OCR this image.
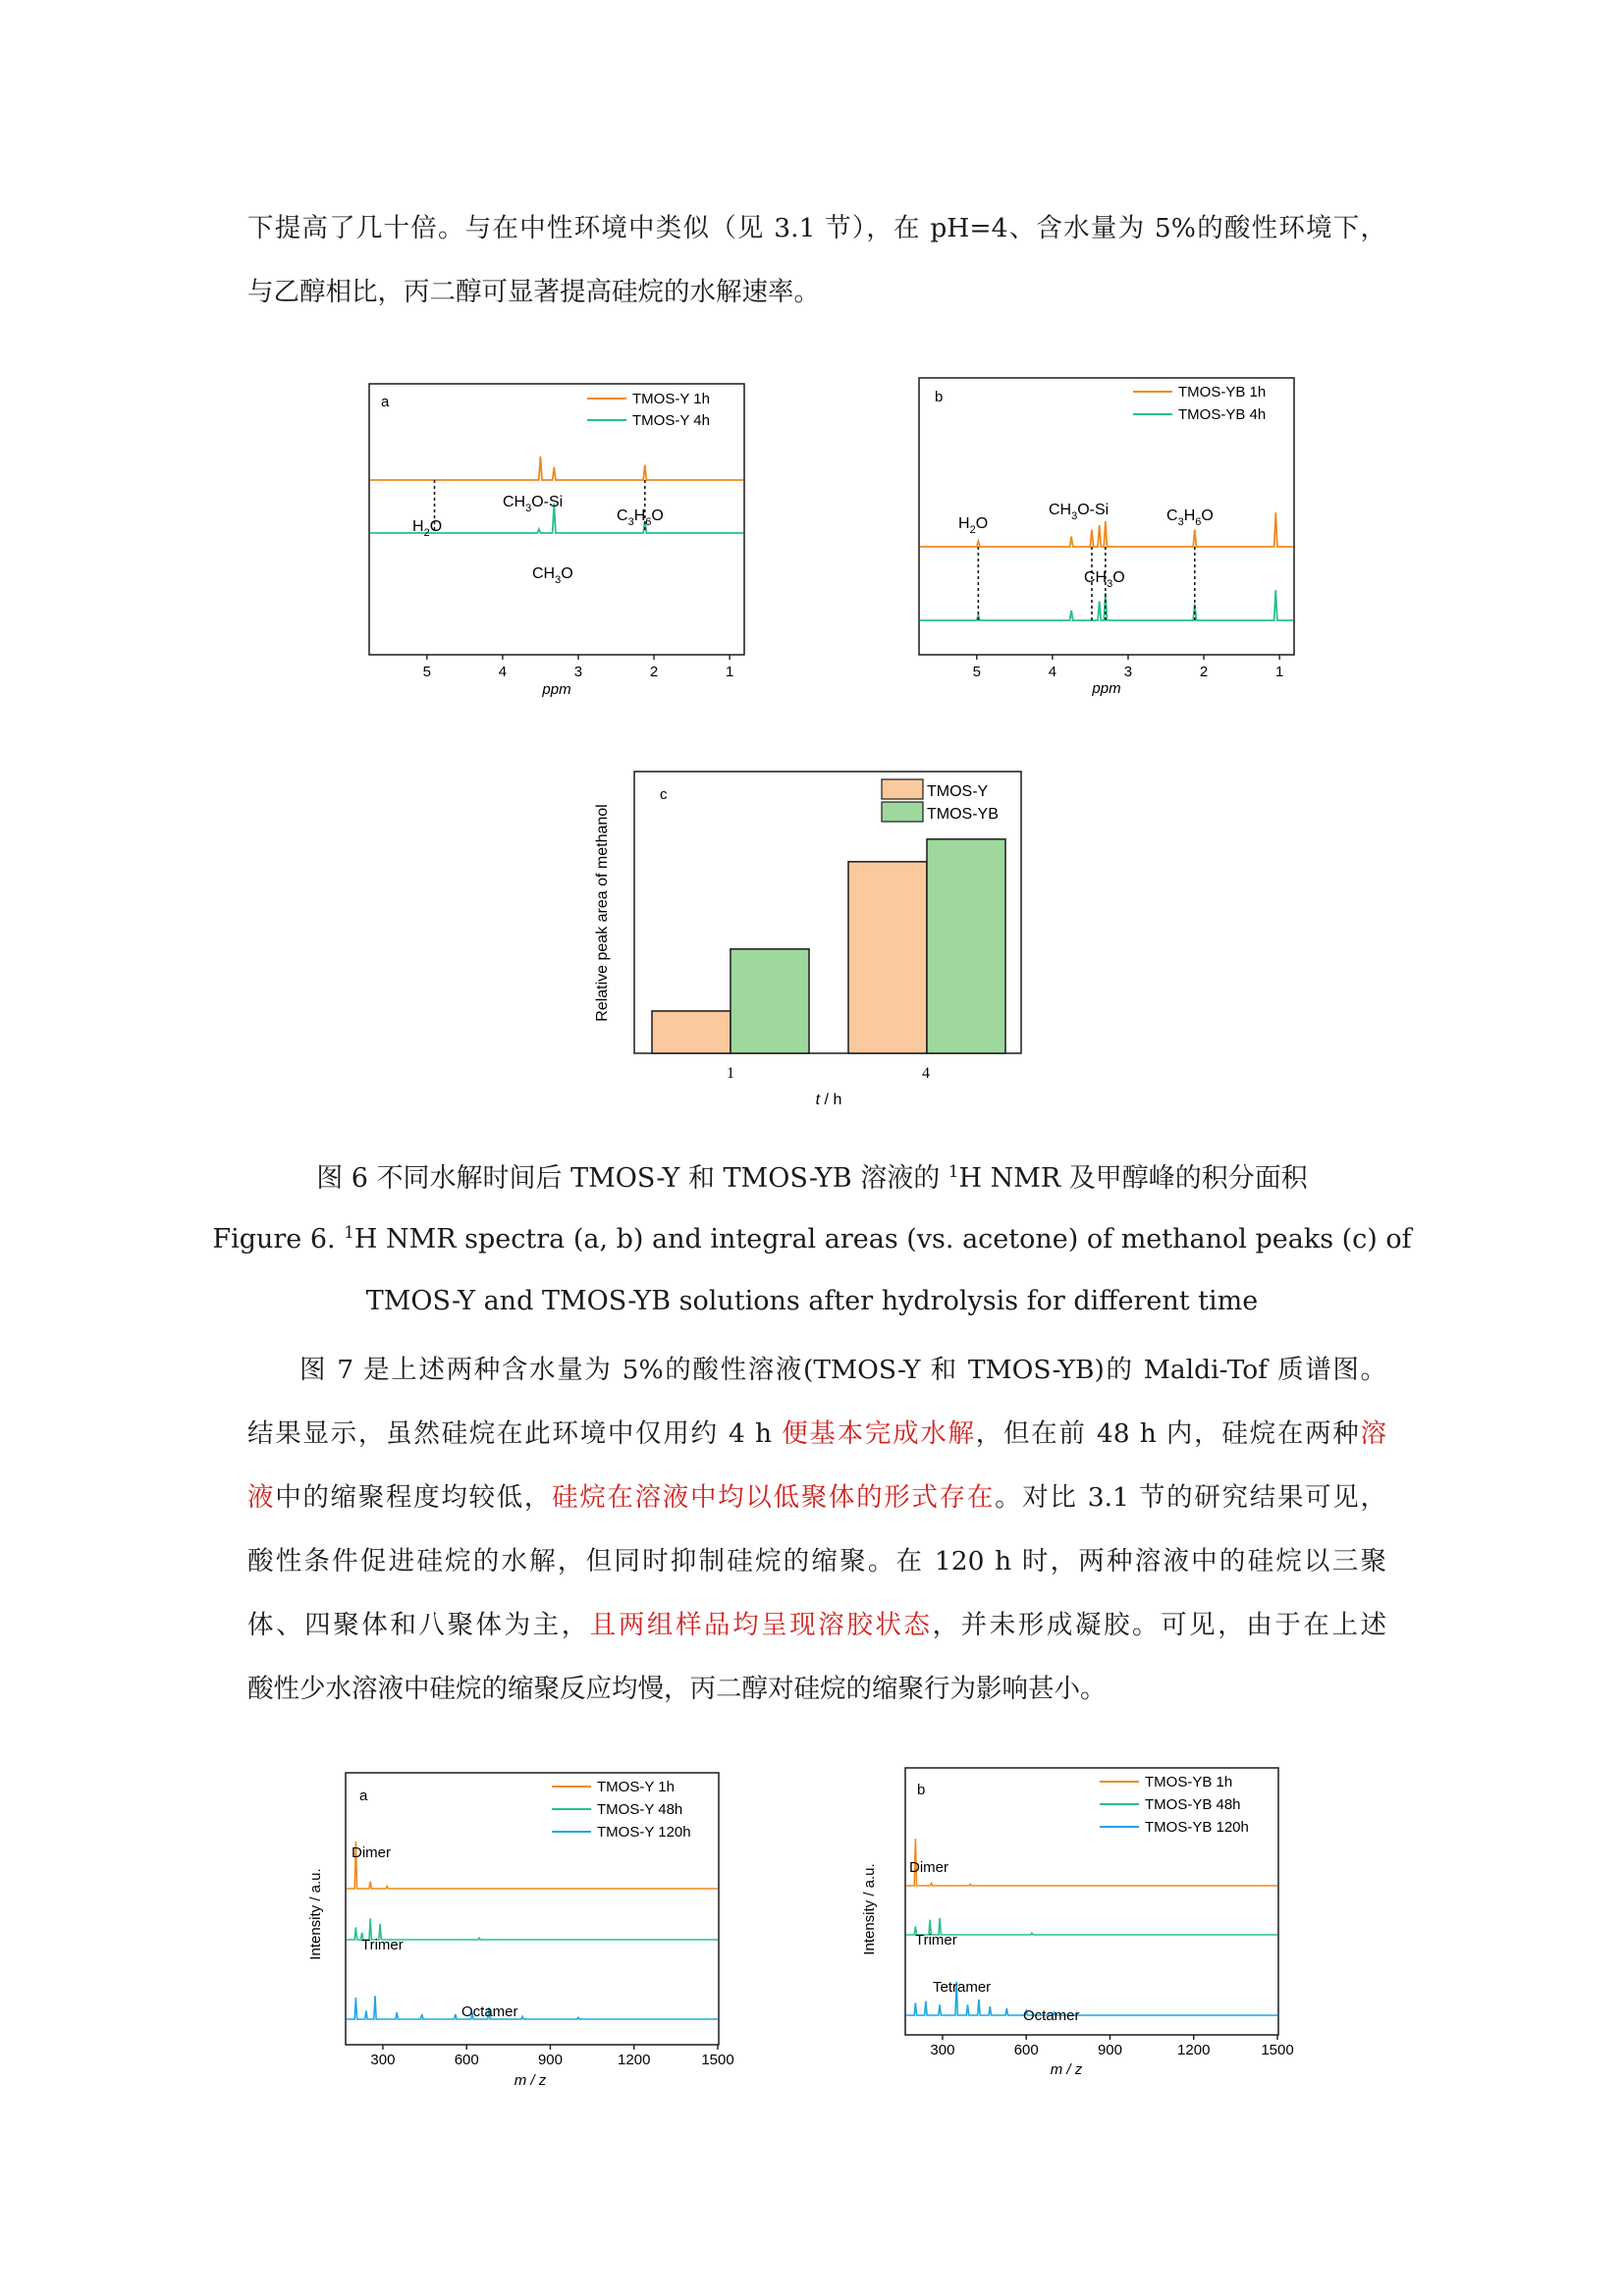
下提高了几十倍。与在中性环境中类似（见 3.1 节），在 pH=4、含水量为 5%的酸性环境下，
与乙醇相比，丙二醇可显著提高硅烷的水解速率。
a	TMOS-Y 1h
TMOS-Y 4h
$H_2O$
$CH_3O-Si$
$C_3H_6O$
$CH_3O$
5	4	3	2	1
ppm
b	TMOS-YB 1h
TMOS-YB 4h
$H_2O$
$CH_3O-Si$	$C_3H_6O$
$CH_3O$
5	4	3	2	1
ppm
c	TMOS-Y
TMOS-YB
1	4
Relative peak area of methanol
t / h

图 6 不同水解时间后 TMOS-Y 和 TMOS-YB 溶液的 $^1$H NMR 及甲醇峰的积分面积

Figure 6. $^1$H NMR spectra (a, b) and integral areas (vs. acetone) of methanol peaks (c) of

TMOS-Y and TMOS-YB solutions after hydrolysis for different time

图 7 是上述两种含水量为 5%的酸性溶液(TMOS-Y 和 TMOS-YB)的 Maldi-Tof 质谱图。
结果显示，虽然硅烷在此环境中仅用约 4 h 便基本完成水解，但在前 48 h 内，硅烷在两种溶
液中的缩聚程度均较低，硅烷在溶液中均以低聚体的形式存在。对比 3.1 节的研究结果可见，
酸性条件促进硅烷的水解，但同时抑制硅烷的缩聚。在 120 h 时，两种溶液中的硅烷以三聚
体、四聚体和八聚体为主，且两组样品均呈现溶胶状态，并未形成凝胶。可见，由于在上述
酸性少水溶液中硅烷的缩聚反应均慢，丙二醇对硅烷的缩聚行为影响甚小。
a
TMOS-Y 1h
TMOS-Y 48h
TMOS-Y 120h
Dimer
Trimer
Octamer
Intensity / a.u.
300	600	900	1200	1500
m / z
b	TMOS-YB 1h
TMOS-YB 48h
TMOS-YB 120h
Dimer
Trimer
Tetramer
Octamer
Intensity / a.u.
300	600	900	1200	1500
m / z
